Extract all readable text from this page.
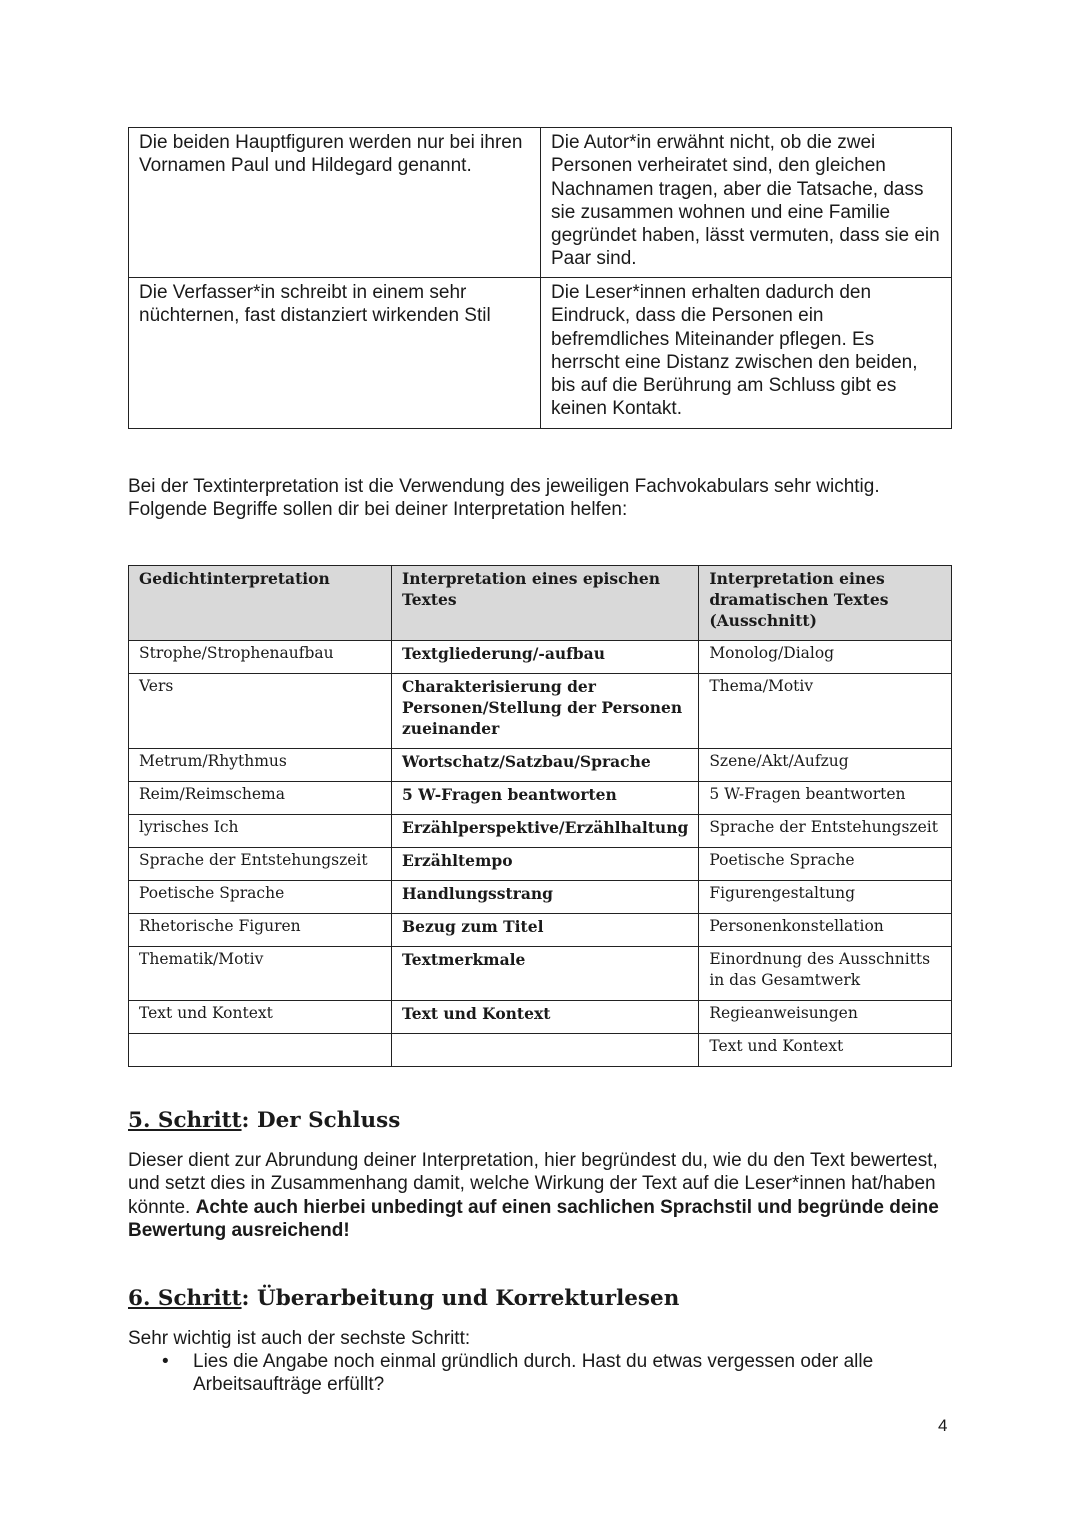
Die beiden Hauptfiguren werden nur bei ihren Vornamen Paul und Hildegard genannt.	Die Autor*in erwähnt nicht, ob die zwei Personen verheiratet sind, den gleichen Nachnamen tragen, aber die Tatsache, dass sie zusammen wohnen und eine Familie gegründet haben, lässt vermuten, dass sie ein Paar sind.
Die Verfasser*in schreibt in einem sehr nüchternen, fast distanziert wirkenden Stil	Die Leser*innen erhalten dadurch den Eindruck, dass die Personen ein befremdliches Miteinander pflegen. Es herrscht eine Distanz zwischen den beiden, bis auf die Berührung am Schluss gibt es keinen Kontakt.

Bei der Textinterpretation ist die Verwendung des jeweiligen Fachvokabulars sehr wichtig. Folgende Begriffe sollen dir bei deiner Interpretation helfen:

Gedichtinterpretation	Interpretation eines epischen Textes	Interpretation eines dramatischen Textes (Ausschnitt)
Strophe/Strophenaufbau	Textgliederung/-aufbau	Monolog/Dialog
Vers	Charakterisierung der Personen/Stellung der Personen zueinander	Thema/Motiv
Metrum/Rhythmus	Wortschatz/Satzbau/Sprache	Szene/Akt/Aufzug
Reim/Reimschema	5 W-Fragen beantworten	5 W-Fragen beantworten
lyrisches Ich	Erzählperspektive/Erzählhaltung	Sprache der Entstehungszeit
Sprache der Entstehungszeit	Erzähltempo	Poetische Sprache
Poetische Sprache	Handlungsstrang	Figurengestaltung
Rhetorische Figuren	Bezug zum Titel	Personenkonstellation
Thematik/Motiv	Textmerkmale	Einordnung des Ausschnitts in das Gesamtwerk
Text und Kontext	Text und Kontext	Regieanweisungen
		Text und Kontext
5. Schritt: Der Schluss

Dieser dient zur Abrundung deiner Interpretation, hier begründest du, wie du den Text bewertest, und setzt dies in Zusammenhang damit, welche Wirkung der Text auf die Leser*innen hat/haben könnte. Achte auch hierbei unbedingt auf einen sachlichen Sprachstil und begründe deine Bewertung ausreichend!

6. Schritt: Überarbeitung und Korrekturlesen

Sehr wichtig ist auch der sechste Schritt:

• Lies die Angabe noch einmal gründlich durch. Hast du etwas vergessen oder alle Arbeitsaufträge erfüllt?
4
